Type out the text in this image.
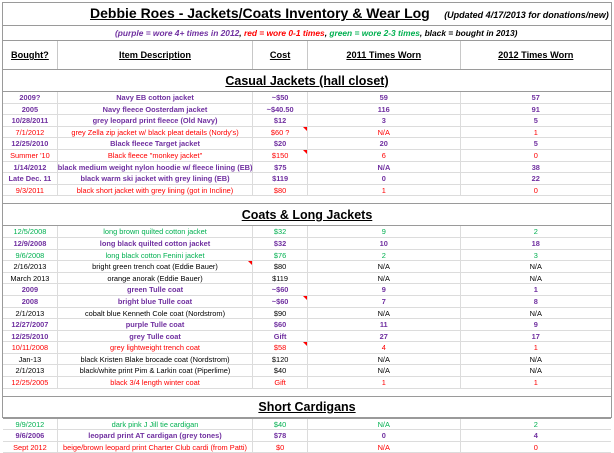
Debbie Roes - Jackets/Coats Inventory & Wear Log (Updated 4/17/2013 for donations/new)
(purple = wore 4+ times in 2012, red = wore 0-1 times, green = wore 2-3 times, black = bought in 2013)
Bought?	Item Description	Cost	2011 Times Worn	2012 Times Worn
Casual Jackets (hall closet)
2009?	Navy EB cotton jacket	~$50	59	57
2005	Navy fleece Oosterdam jacket	~$40.50	116	91
10/28/2011	grey leopard print fleece (Old Navy)	$12	3	5
7/1/2012	grey Zella zip jacket w/ black pleat details (Nordy's)	$60 ?	N/A	1
12/25/2010	Black fleece Target jacket	$20	20	5
Summer '10	Black fleece "monkey jacket"	$150	6	0
1/14/2012	black medium weight nylon hoodie w/ fleece lining (EB)	$75	N/A	38
Late Dec. 11	black warm ski jacket with grey lining (EB)	$119	0	22
9/3/2011	black short jacket with grey lining (got in Incline)	$80	1	0
Coats & Long Jackets
12/5/2008	long brown quilted cotton jacket	$32	9	2
12/9/2008	long black quilted cotton jacket	$32	10	18
9/6/2008	long black cotton Fenini jacket	$76	2	3
2/16/2013	bright green trench coat (Eddie Bauer)	$80	N/A	N/A
March 2013	orange anorak (Eddie Bauer)	$119	N/A	N/A
2009	green Tulle coat	~$60	9	1
2008	bright blue Tulle coat	~$60	7	8
2/1/2013	cobalt blue Kenneth Cole coat (Nordstrom)	$90	N/A	N/A
12/27/2007	purple Tulle coat	$60	11	9
12/25/2010	grey Tulle coat	Gift	27	17
10/11/2008	grey lightweight trench coat	$58	4	1
Jan-13	black Kristen Blake brocade coat (Nordstrom)	$120	N/A	N/A
2/1/2013	black/white print Pim & Larkin coat (Piperlime)	$40	N/A	N/A
12/25/2005	black 3/4 length winter coat	Gift	1	1
Short Cardigans
9/9/2012	dark pink J Jill tie cardigan	$40	N/A	2
9/6/2006	leopard print AT cardigan (grey tones)	$78	0	4
Sept 2012	beige/brown leopard print Charter Club cardi (from Patti)	$0	N/A	0
